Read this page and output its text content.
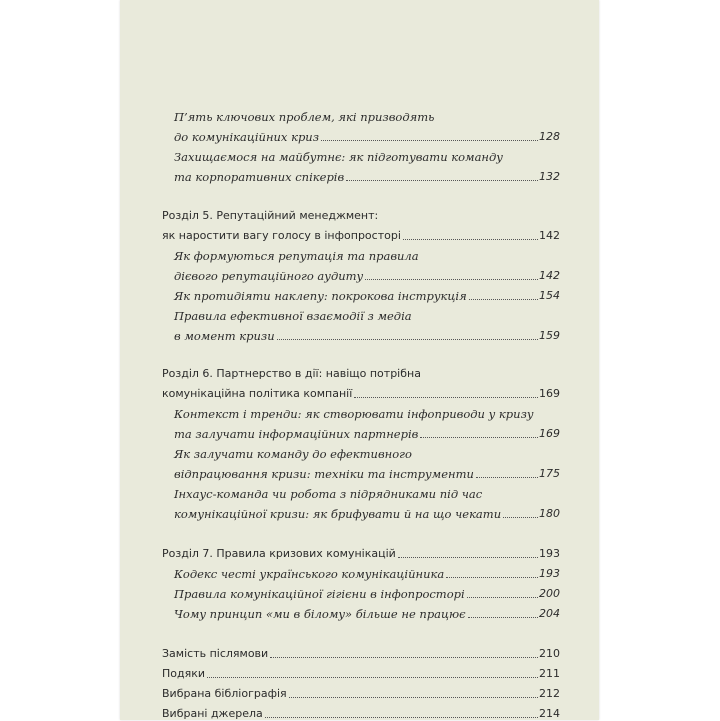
П’ять ключових проблем, які призводять
до комунікаційних криз	128
Захищаємося на майбутнє: як підготувати команду
та корпоративних спікерів	132
Розділ 5. Репутаційний менеджмент:
як наростити вагу голосу в інфопросторі	142
Як формуються репутація та правила
дієвого репутаційного аудиту	142
Як протидіяти наклепу: покрокова інструкція	154
Правила ефективної взаємодії з медіа
в момент кризи	159
Розділ 6. Партнерство в дії: навіщо потрібна
комунікаційна політика компанії	169
Контекст і тренди: як створювати інфоприводи у кризу
та залучати інформаційних партнерів	169
Як залучати команду до ефективного
відпрацювання кризи: техніки та інструменти	175
Інхаус-команда чи робота з підрядниками під час
комунікаційної кризи: як брифувати й на що чекати	180
Розділ 7. Правила кризових комунікацій	193
Кодекс честі українського комунікаційника	193
Правила комунікаційної гігієни в інфопросторі	200
Чому принцип «ми в білому» більше не працює	204
Замість післямови	210
Подяки	211
Вибрана бібліографія	212
Вибрані джерела	214
